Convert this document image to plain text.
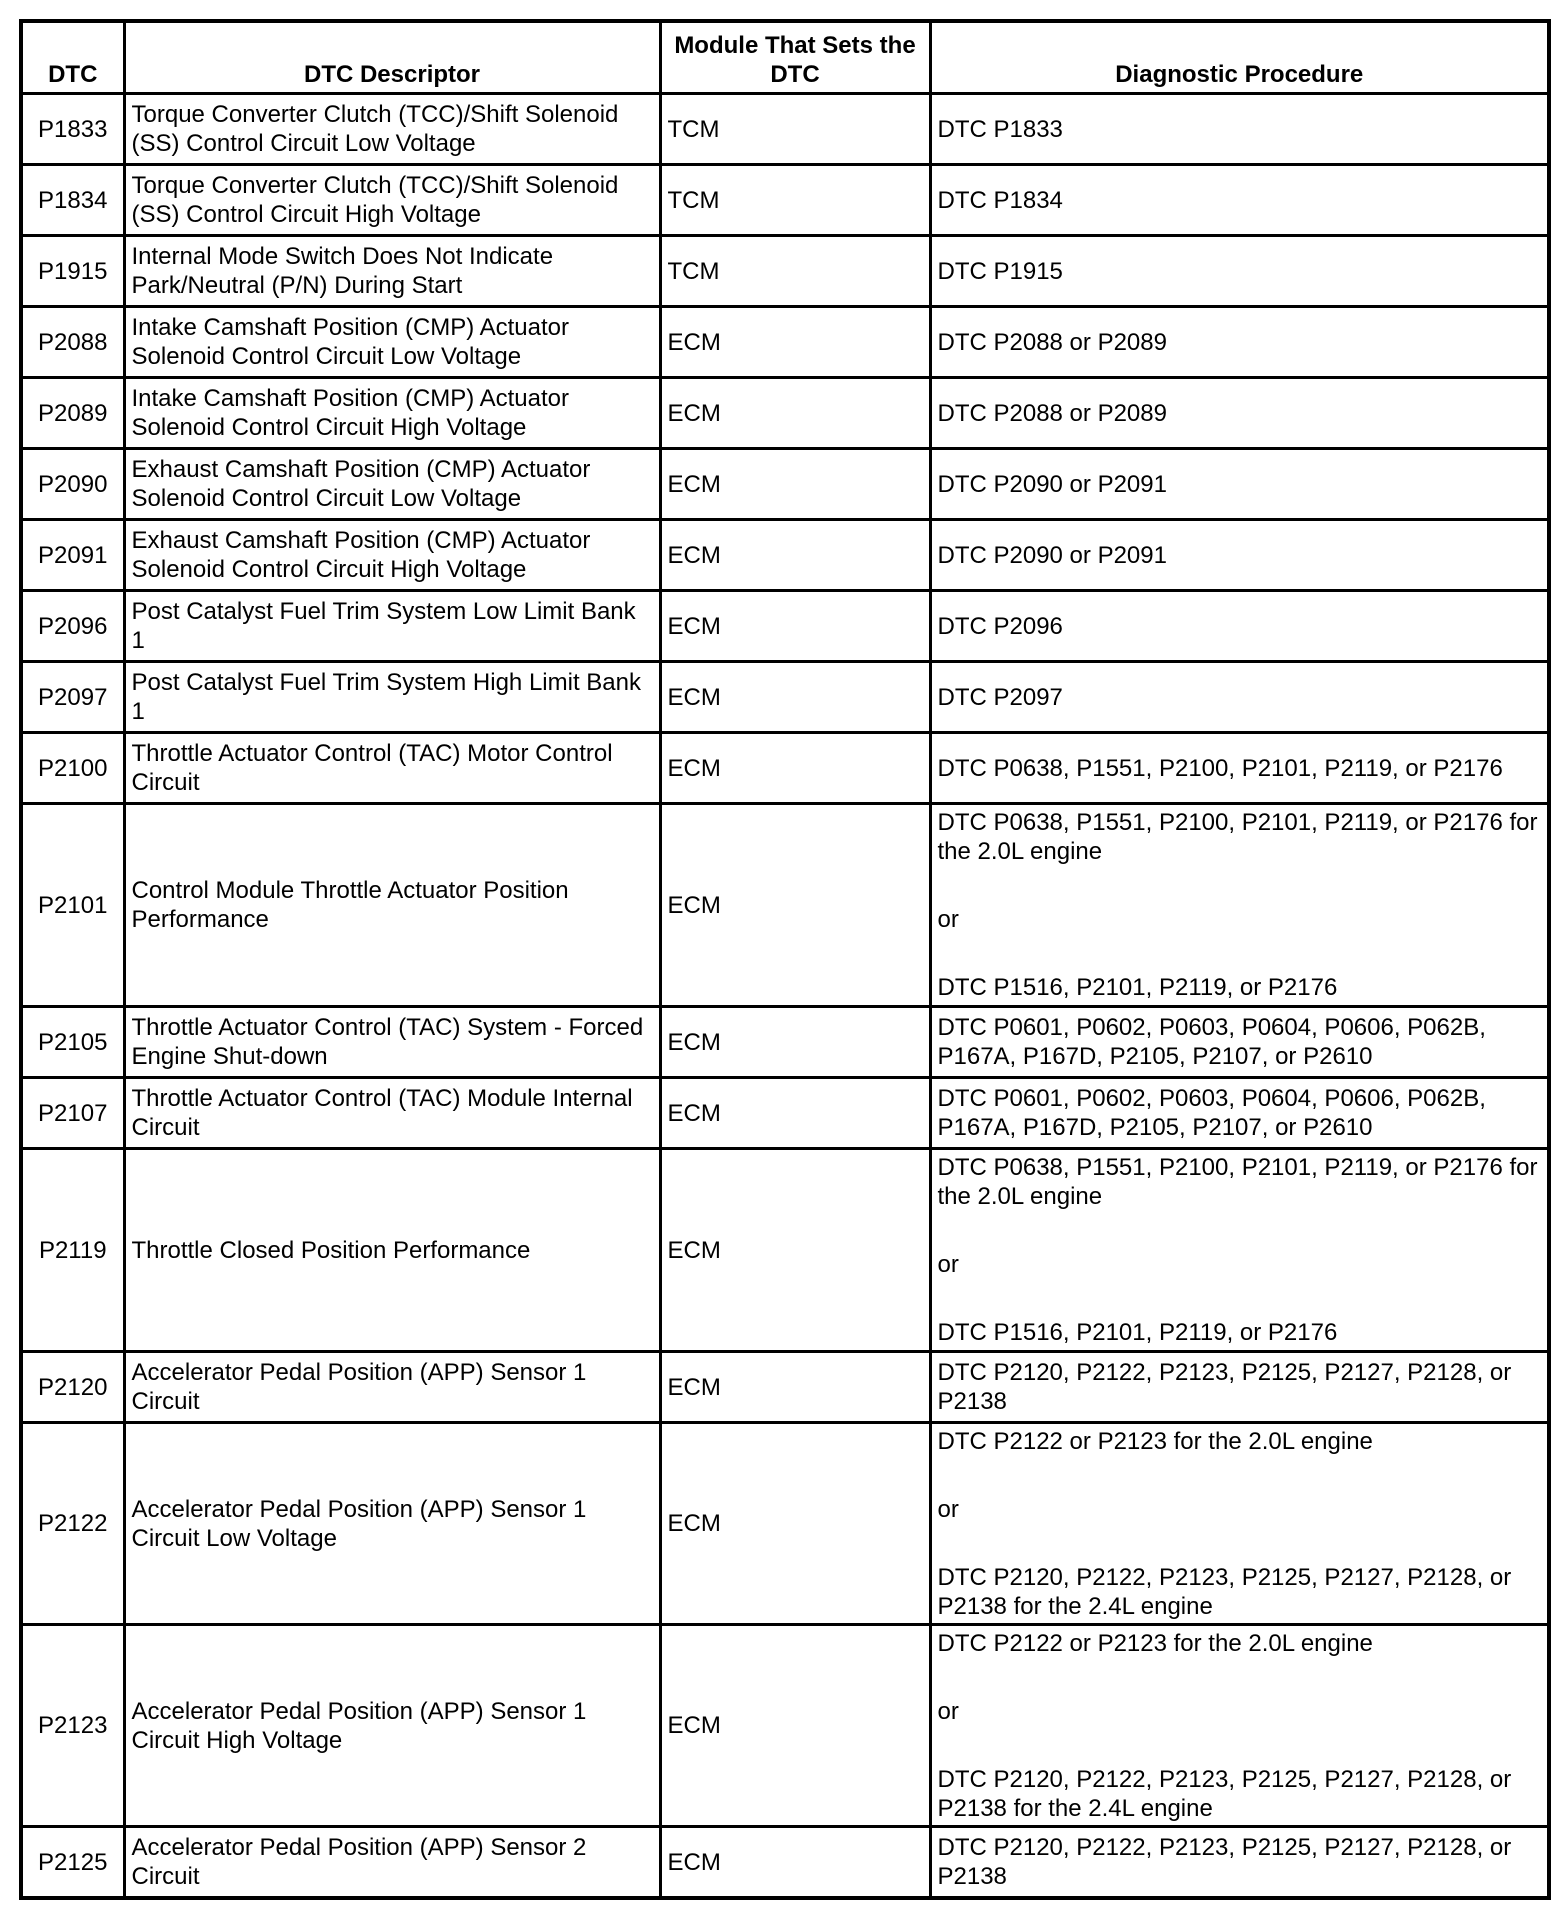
DTC	DTC Descriptor	Module That Sets the DTC	Diagnostic Procedure
P1833	Torque Converter Clutch (TCC)/Shift Solenoid (SS) Control Circuit Low Voltage	TCM	DTC P1833

P1834	Torque Converter Clutch (TCC)/Shift Solenoid (SS) Control Circuit High Voltage	TCM	DTC P1834

P1915	Internal Mode Switch Does Not Indicate Park/Neutral (P/N) During Start	TCM	DTC P1915

P2088	Intake Camshaft Position (CMP) Actuator Solenoid Control Circuit Low Voltage	ECM	DTC P2088 or P2089

P2089	Intake Camshaft Position (CMP) Actuator Solenoid Control Circuit High Voltage	ECM	DTC P2088 or P2089

P2090	Exhaust Camshaft Position (CMP) Actuator Solenoid Control Circuit Low Voltage	ECM	DTC P2090 or P2091

P2091	Exhaust Camshaft Position (CMP) Actuator Solenoid Control Circuit High Voltage	ECM	DTC P2090 or P2091

P2096	Post Catalyst Fuel Trim System Low Limit Bank 1	ECM	DTC P2096

P2097	Post Catalyst Fuel Trim System High Limit Bank 1	ECM	DTC P2097

P2100	Throttle Actuator Control (TAC) Motor Control Circuit	ECM	DTC P0638, P1551, P2100, P2101, P2119, or P2176

P2101	Control Module Throttle Actuator Position Performance	ECM	DTC P0638, P1551, P2100, P2101, P2119, or P2176 for the 2.0L engine
or
DTC P1516, P2101, P2119, or P2176

P2105	Throttle Actuator Control (TAC) System - Forced Engine Shut-down	ECM	DTC P0601, P0602, P0603, P0604, P0606, P062B, P167A, P167D, P2105, P2107, or P2610

P2107	Throttle Actuator Control (TAC) Module Internal Circuit	ECM	DTC P0601, P0602, P0603, P0604, P0606, P062B, P167A, P167D, P2105, P2107, or P2610

P2119	Throttle Closed Position Performance	ECM	DTC P0638, P1551, P2100, P2101, P2119, or P2176 for the 2.0L engine
or
DTC P1516, P2101, P2119, or P2176

P2120	Accelerator Pedal Position (APP) Sensor 1 Circuit	ECM	DTC P2120, P2122, P2123, P2125, P2127, P2128, or P2138

P2122	Accelerator Pedal Position (APP) Sensor 1 Circuit Low Voltage	ECM	DTC P2122 or P2123 for the 2.0L engine
or
DTC P2120, P2122, P2123, P2125, P2127, P2128, or P2138 for the 2.4L engine

P2123	Accelerator Pedal Position (APP) Sensor 1 Circuit High Voltage	ECM	DTC P2122 or P2123 for the 2.0L engine
or
DTC P2120, P2122, P2123, P2125, P2127, P2128, or P2138 for the 2.4L engine

P2125	Accelerator Pedal Position (APP) Sensor 2 Circuit	ECM	DTC P2120, P2122, P2123, P2125, P2127, P2128, or P2138
